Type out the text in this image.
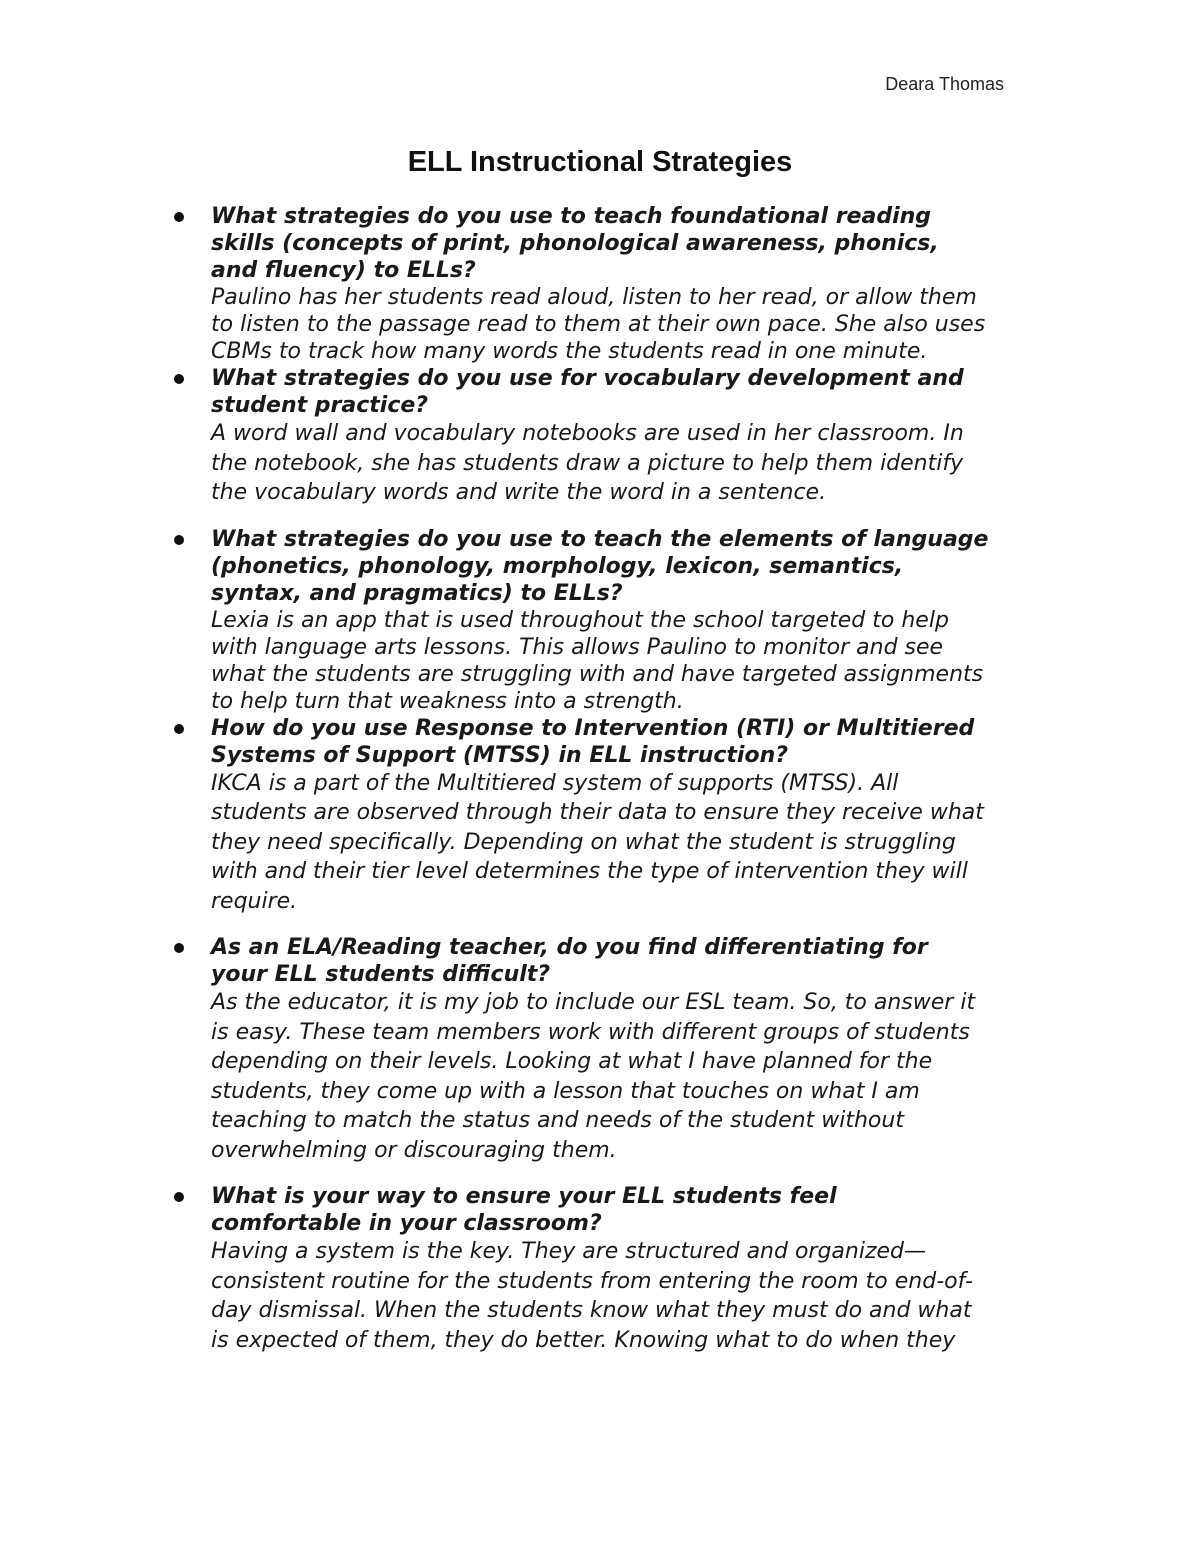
Deara Thomas
ELL Instructional Strategies
What strategies do you use to teach foundational reading
skills (concepts of print, phonological awareness, phonics,
and fluency) to ELLs?
Paulino has her students read aloud, listen to her read, or allow them
to listen to the passage read to them at their own pace. She also uses
CBMs to track how many words the students read in one minute.
What strategies do you use for vocabulary development and
student practice?
A word wall and vocabulary notebooks are used in her classroom. In
the notebook, she has students draw a picture to help them identify
the vocabulary words and write the word in a sentence.
What strategies do you use to teach the elements of language
(phonetics, phonology, morphology, lexicon, semantics,
syntax, and pragmatics) to ELLs?
Lexia is an app that is used throughout the school targeted to help
with language arts lessons. This allows Paulino to monitor and see
what the students are struggling with and have targeted assignments
to help turn that weakness into a strength.
How do you use Response to Intervention (RTI) or Multitiered
Systems of Support (MTSS) in ELL instruction?
IKCA is a part of the Multitiered system of supports (MTSS). All
students are observed through their data to ensure they receive what
they need specifically. Depending on what the student is struggling
with and their tier level determines the type of intervention they will
require.
As an ELA/Reading teacher, do you find differentiating for
your ELL students difficult?
As the educator, it is my job to include our ESL team. So, to answer it
is easy. These team members work with different groups of students
depending on their levels. Looking at what I have planned for the
students, they come up with a lesson that touches on what I am
teaching to match the status and needs of the student without
overwhelming or discouraging them.
What is your way to ensure your ELL students feel
comfortable in your classroom?
Having a system is the key. They are structured and organized—
consistent routine for the students from entering the room to end-of-
day dismissal. When the students know what they must do and what
is expected of them, they do better. Knowing what to do when they
